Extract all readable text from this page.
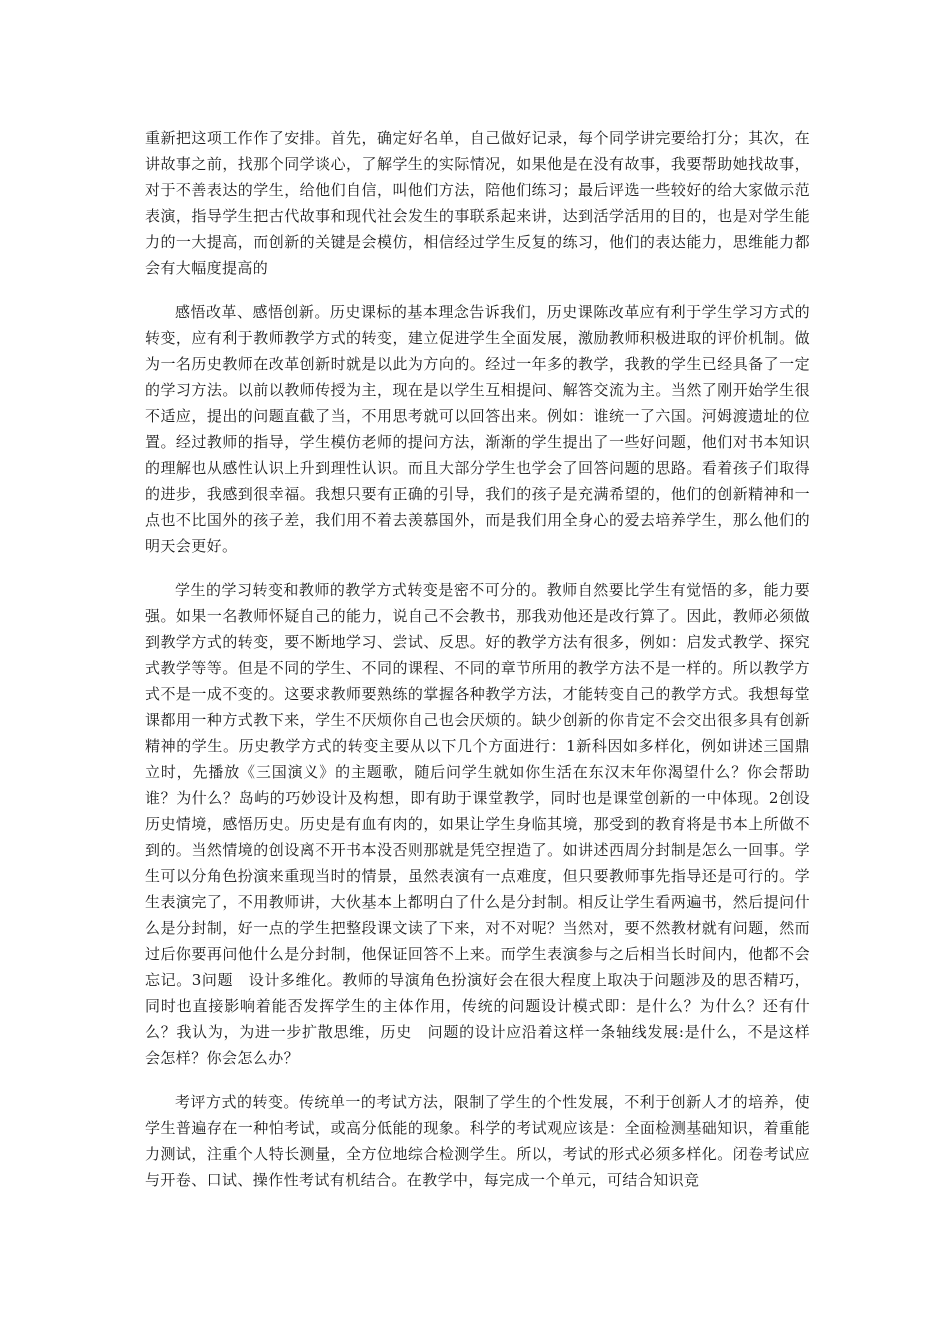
重新把这项工作作了安排。首先，确定好名单，自己做好记录，每个同学讲完要给打分；其次，在讲故事之前，找那个同学谈心，了解学生的实际情况，如果他是在没有故事，我要帮助她找故事，对于不善表达的学生，给他们自信，叫他们方法，陪他们练习；最后评选一些较好的给大家做示范表演，指导学生把古代故事和现代社会发生的事联系起来讲，达到活学活用的目的，也是对学生能力的一大提高，而创新的关键是会模仿，相信经过学生反复的练习，他们的表达能力，思维能力都会有大幅度提高的

感悟改革、感悟创新。历史课标的基本理念告诉我们，历史课陈改革应有利于学生学习方式的转变，应有利于教师教学方式的转变，建立促进学生全面发展，激励教师积极进取的评价机制。做为一名历史教师在改革创新时就是以此为方向的。经过一年多的教学，我教的学生已经具备了一定的学习方法。以前以教师传授为主，现在是以学生互相提问、解答交流为主。当然了刚开始学生很不适应，提出的问题直截了当，不用思考就可以回答出来。例如：谁统一了六国。河姆渡遗址的位置。经过教师的指导，学生模仿老师的提问方法，渐渐的学生提出了一些好问题，他们对书本知识的理解也从感性认识上升到理性认识。而且大部分学生也学会了回答问题的思路。看着孩子们取得的进步，我感到很幸福。我想只要有正确的引导，我们的孩子是充满希望的，他们的创新精神和一点也不比国外的孩子差，我们用不着去羡慕国外，而是我们用全身心的爱去培养学生，那么他们的明天会更好。

学生的学习转变和教师的教学方式转变是密不可分的。教师自然要比学生有觉悟的多，能力要强。如果一名教师怀疑自己的能力，说自己不会教书，那我劝他还是改行算了。因此，教师必须做到教学方式的转变，要不断地学习、尝试、反思。好的教学方法有很多，例如：启发式教学、探究式教学等等。但是不同的学生、不同的课程、不同的章节所用的教学方法不是一样的。所以教学方式不是一成不变的。这要求教师要熟练的掌握各种教学方法，才能转变自己的教学方式。我想每堂课都用一种方式教下来，学生不厌烦你自己也会厌烦的。缺少创新的你肯定不会交出很多具有创新精神的学生。历史教学方式的转变主要从以下几个方面进行：1新科因如多样化，例如讲述三国鼎立时，先播放《三国演义》的主题歌，随后问学生就如你生活在东汉末年你渴望什么？你会帮助谁？为什么？岛屿的巧妙设计及构想，即有助于课堂教学，同时也是课堂创新的一中体现。2创设历史情境，感悟历史。历史是有血有肉的，如果让学生身临其境，那受到的教育将是书本上所做不到的。当然情境的创设离不开书本没否则那就是凭空捏造了。如讲述西周分封制是怎么一回事。学生可以分角色扮演来重现当时的情景，虽然表演有一点难度，但只要教师事先指导还是可行的。学生表演完了，不用教师讲，大伙基本上都明白了什么是分封制。相反让学生看两遍书，然后提问什么是分封制，好一点的学生把整段课文读了下来，对不对呢？当然对，要不然教材就有问题，然而过后你要再问他什么是分封制，他保证回答不上来。而学生表演参与之后相当长时间内，他都不会忘记。3问题　设计多维化。教师的导演角色扮演好会在很大程度上取决于问题涉及的思否精巧，同时也直接影响着能否发挥学生的主体作用，传统的问题设计模式即：是什么？为什么？还有什么？我认为，为进一步扩散思维，历史　问题的设计应沿着这样一条轴线发展:是什么，不是这样会怎样？你会怎么办？

考评方式的转变。传统单一的考试方法，限制了学生的个性发展，不利于创新人才的培养，使学生普遍存在一种怕考试，或高分低能的现象。科学的考试观应该是：全面检测基础知识，着重能力测试，注重个人特长测量，全方位地综合检测学生。所以，考试的形式必须多样化。闭卷考试应与开卷、口试、操作性考试有机结合。在教学中，每完成一个单元，可结合知识竞
